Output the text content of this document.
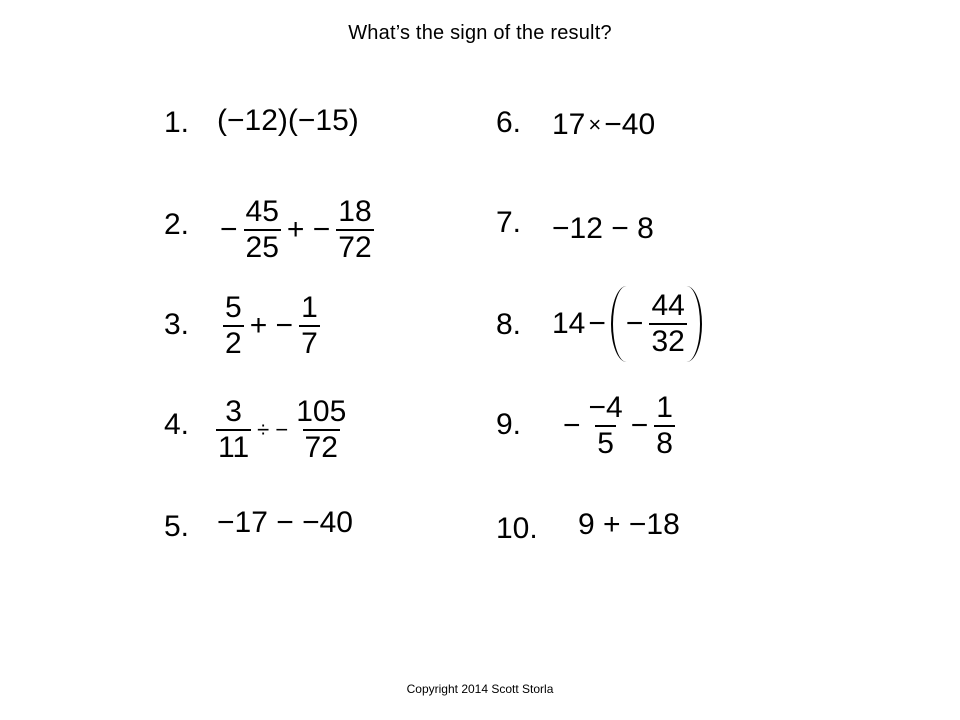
What’s the sign of the result?
1. (−12)(−15)
2. − $\frac{45}{25}$ + − $\frac{18}{72}$
3. $\frac{5}{2}$ + − $\frac{1}{7}$
4. $\frac{3}{11}$ ÷ − $\frac{105}{72}$
5. −17 − −40
6. 17 × −40
7. −12 − 8
8. 14 − − $\frac{44}{32}$
9. − $\frac{-4}{5} - \frac{1}{8}$
10. 9 + −18
Copyright 2014 Scott Storla
